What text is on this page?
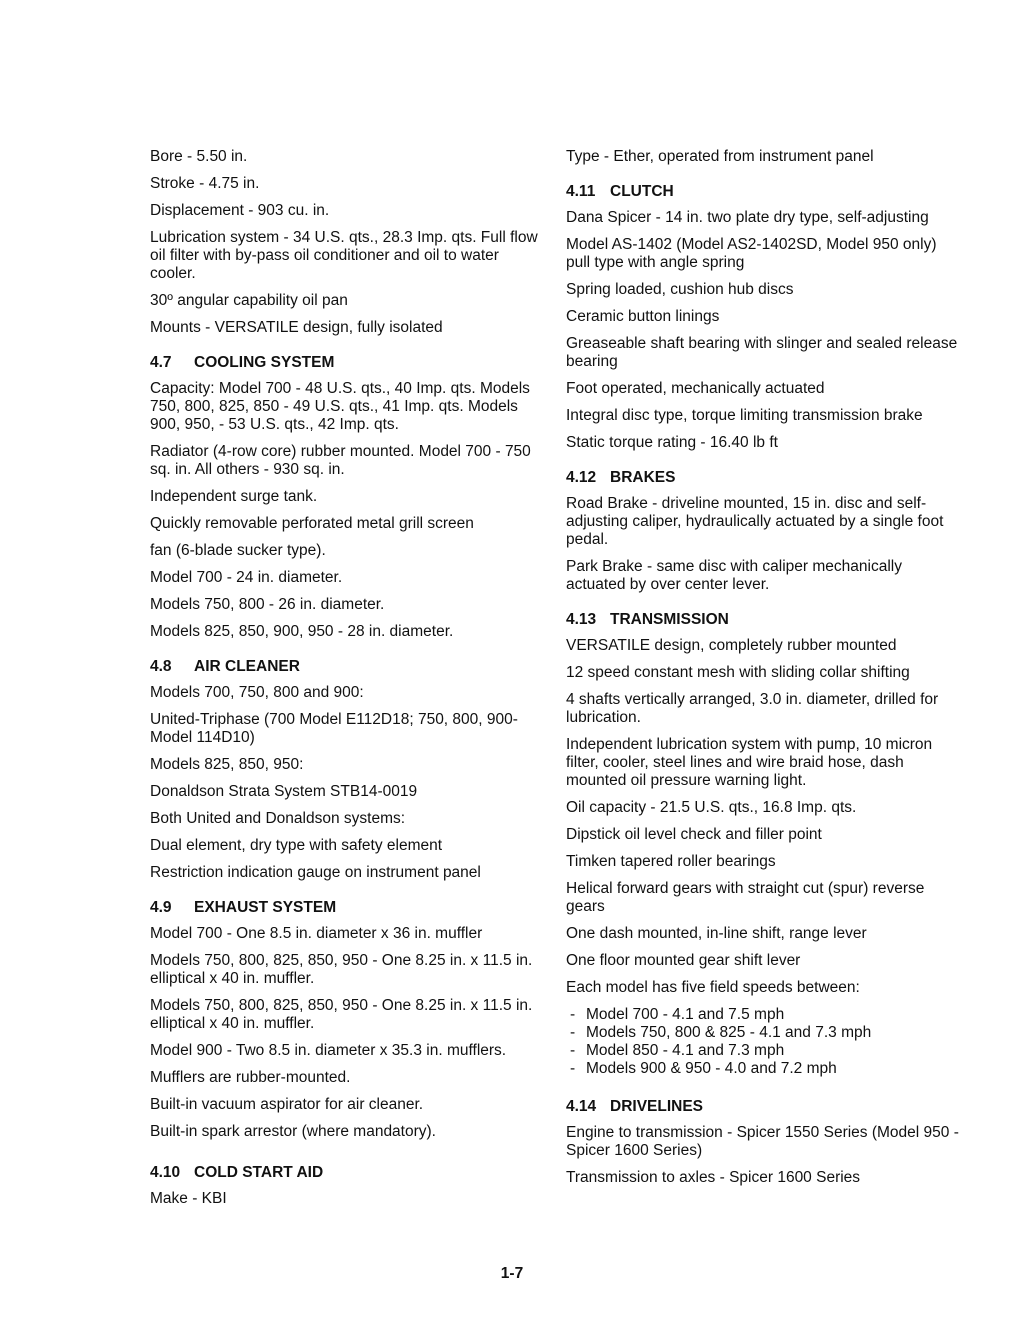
Bore - 5.50 in.

Stroke - 4.75 in.

Displacement - 903 cu. in.

Lubrication system - 34 U.S. qts., 28.3 Imp. qts. Full flow oil filter with by-pass oil conditioner and oil to water cooler.

30º angular capability oil pan

Mounts - VERSATILE design, fully isolated

4.7 COOLING SYSTEM

Capacity: Model 700 - 48 U.S. qts., 40 Imp. qts. Models 750, 800, 825, 850 - 49 U.S. qts., 41 Imp. qts. Models 900, 950, - 53 U.S. qts., 42 Imp. qts.

Radiator (4-row core) rubber mounted. Model 700 - 750 sq. in. All others - 930 sq. in.

Independent surge tank.

Quickly removable perforated metal grill screen

fan (6-blade sucker type).

Model 700 - 24 in. diameter.

Models 750, 800 - 26 in. diameter.

Models 825, 850, 900, 950 - 28 in. diameter.

4.8 AIR CLEANER

Models 700, 750, 800 and 900:

United-Triphase (700 Model E112D18; 750, 800, 900-Model 114D10)

Models 825, 850, 950:

Donaldson Strata System STB14-0019

Both United and Donaldson systems:

Dual element, dry type with safety element

Restriction indication gauge on instrument panel

4.9 EXHAUST SYSTEM

Model 700 - One 8.5 in. diameter x 36 in. muffler

Models 750, 800, 825, 850, 950 - One 8.25 in. x 11.5 in. elliptical x 40 in. muffler.

Models 750, 800, 825, 850, 950 - One 8.25 in. x 11.5 in. elliptical x 40 in. muffler.

Model 900 - Two 8.5 in. diameter x 35.3 in. mufflers.

Mufflers are rubber-mounted.

Built-in vacuum aspirator for air cleaner.

Built-in spark arrestor (where mandatory).

4.10 COLD START AID

Make - KBI

Type - Ether, operated from instrument panel

4.11 CLUTCH

Dana Spicer - 14 in. two plate dry type, self-adjusting

Model AS-1402 (Model AS2-1402SD, Model 950 only) pull type with angle spring

Spring loaded, cushion hub discs

Ceramic button linings

Greaseable shaft bearing with slinger and sealed release bearing

Foot operated, mechanically actuated

Integral disc type, torque limiting transmission brake

Static torque rating - 16.40 lb ft

4.12 BRAKES

Road Brake - driveline mounted, 15 in. disc and self-adjusting caliper, hydraulically actuated by a single foot pedal.

Park Brake - same disc with caliper mechanically actuated by over center lever.

4.13 TRANSMISSION

VERSATILE design, completely rubber mounted

12 speed constant mesh with sliding collar shifting

4 shafts vertically arranged, 3.0 in. diameter, drilled for lubrication.

Independent lubrication system with pump, 10 micron filter, cooler, steel lines and wire braid hose, dash mounted oil pressure warning light.

Oil capacity - 21.5 U.S. qts., 16.8 Imp. qts.

Dipstick oil level check and filler point

Timken tapered roller bearings

Helical forward gears with straight cut (spur) reverse gears

One dash mounted, in-line shift, range lever

One floor mounted gear shift lever

Each model has five field speeds between:

- Model 700 - 4.1 and 7.5 mph
- Models 750, 800 & 825 - 4.1 and 7.3 mph
- Model 850 - 4.1 and 7.3 mph
- Models 900 & 950 - 4.0 and 7.2 mph
4.14 DRIVELINES

Engine to transmission - Spicer 1550 Series (Model 950 - Spicer 1600 Series)

Transmission to axles - Spicer 1600 Series

1-7
